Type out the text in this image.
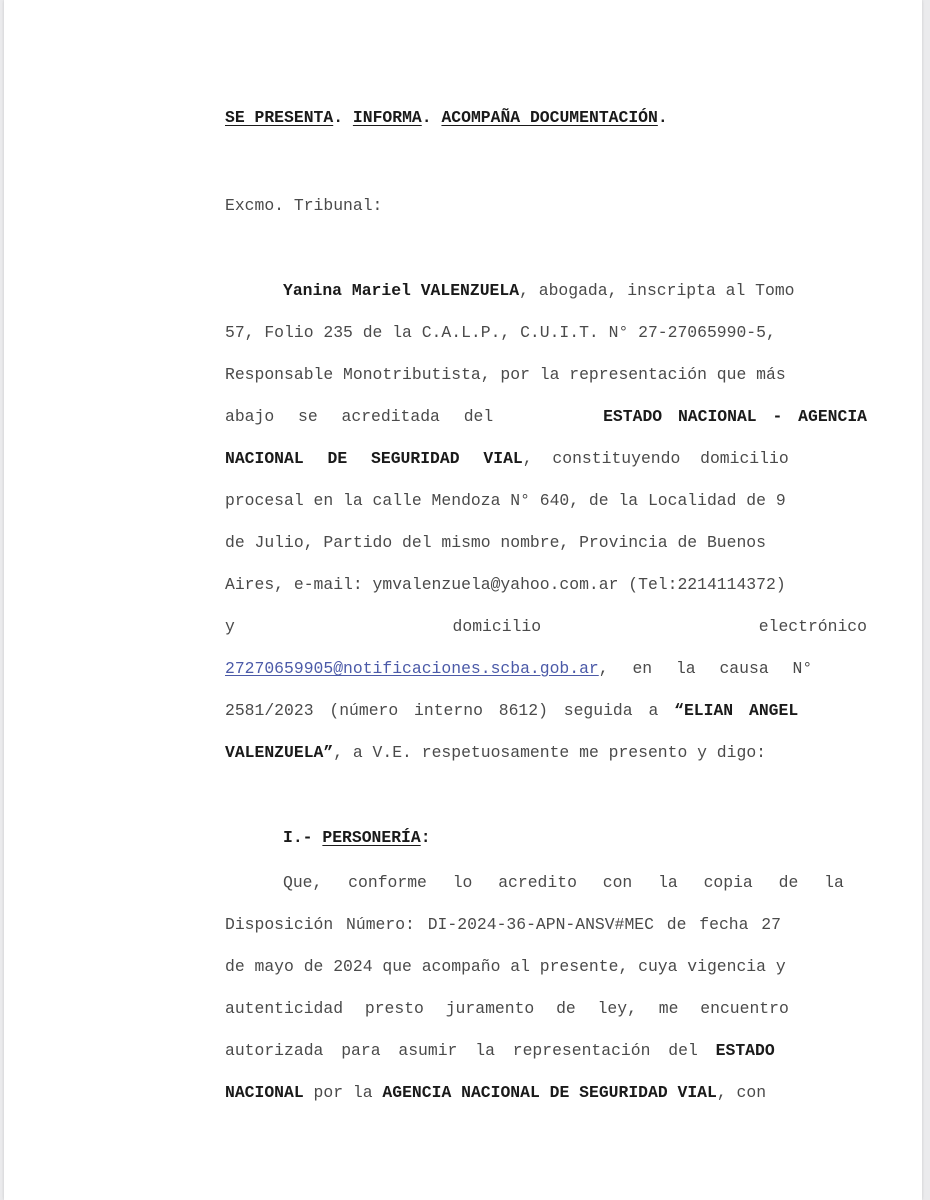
SE PRESENTA. INFORMA. ACOMPAÑA DOCUMENTACIÓN.
Excmo. Tribunal:
Yanina Mariel VALENZUELA, abogada, inscripta al Tomo
57, Folio 235 de la C.A.L.P., C.U.I.T. N° 27-27065990-5,
Responsable Monotributista, por la representación que más
abajo se acreditada del	ESTADO NACIONAL - AGENCIA
NACIONAL DE SEGURIDAD VIAL, constituyendo domicilio
procesal en la calle Mendoza N° 640, de la Localidad de 9
de Julio, Partido del mismo nombre, Provincia de Buenos
Aires, e-mail: ymvalenzuela@yahoo.com.ar (Tel:2214114372)
y	domicilio	electrónico
27270659905@notificaciones.scba.gob.ar, en la causa N°
2581/2023 (número interno 8612) seguida a “ELIAN ANGEL
VALENZUELA”, a V.E. respetuosamente me presento y digo:
I.- PERSONERÍA:
Que, conforme lo acredito con la copia de la
Disposición Número: DI-2024-36-APN-ANSV#MEC de fecha 27
de mayo de 2024 que acompaño al presente, cuya vigencia y
autenticidad presto juramento de ley, me encuentro
autorizada para asumir la representación del ESTADO
NACIONAL por la AGENCIA NACIONAL DE SEGURIDAD VIAL, con
